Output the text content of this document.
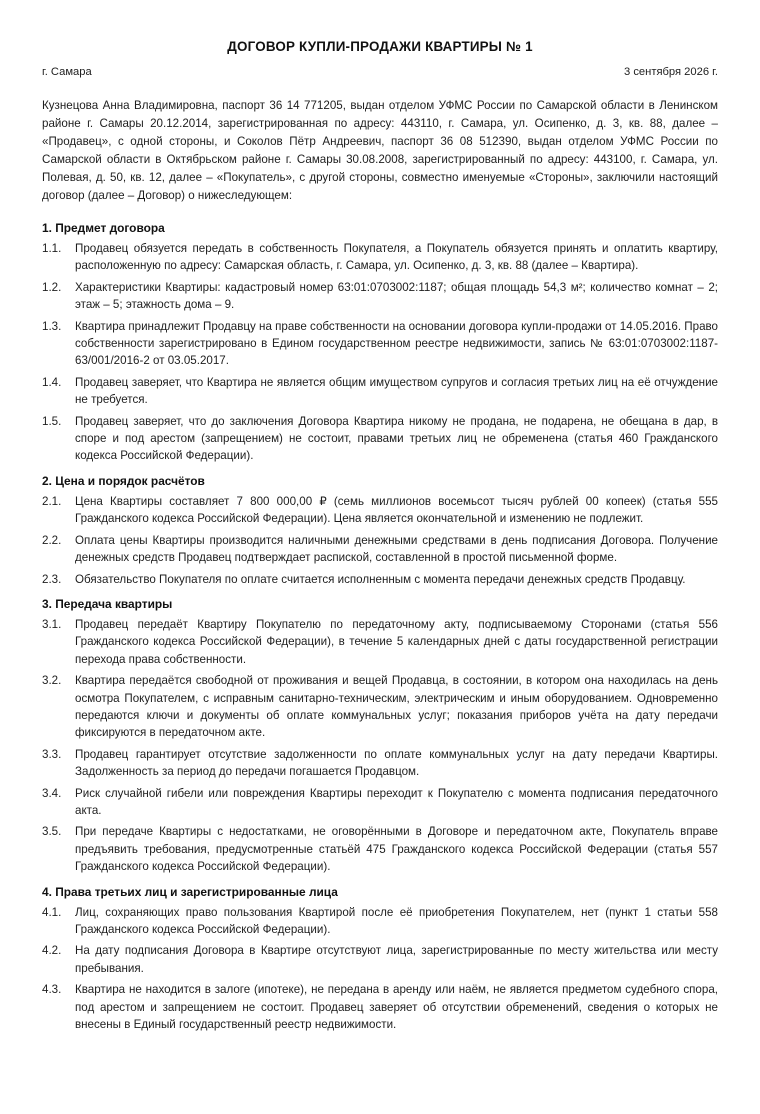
ДОГОВОР КУПЛИ-ПРОДАЖИ КВАРТИРЫ № 1
г. Самара	3 сентября 2026 г.
Кузнецова Анна Владимировна, паспорт 36 14 771205, выдан отделом УФМС России по Самарской области в Ленинском районе г. Самары 20.12.2014, зарегистрированная по адресу: 443110, г. Самара, ул. Осипенко, д. 3, кв. 88, далее – «Продавец», с одной стороны, и Соколов Пётр Андреевич, паспорт 36 08 512390, выдан отделом УФМС России по Самарской области в Октябрьском районе г. Самары 30.08.2008, зарегистрированный по адресу: 443100, г. Самара, ул. Полевая, д. 50, кв. 12, далее – «Покупатель», с другой стороны, совместно именуемые «Стороны», заключили настоящий договор (далее – Договор) о нижеследующем:
1. Предмет договора
1.1.	Продавец обязуется передать в собственность Покупателя, а Покупатель обязуется принять и оплатить квартиру, расположенную по адресу: Самарская область, г. Самара, ул. Осипенко, д. 3, кв. 88 (далее – Квартира).
1.2.	Характеристики Квартиры: кадастровый номер 63:01:0703002:1187; общая площадь 54,3 м²; количество комнат – 2; этаж – 5; этажность дома – 9.
1.3.	Квартира принадлежит Продавцу на праве собственности на основании договора купли-продажи от 14.05.2016. Право собственности зарегистрировано в Едином государственном реестре недвижимости, запись № 63:01:0703002:1187-63/001/2016-2 от 03.05.2017.
1.4.	Продавец заверяет, что Квартира не является общим имуществом супругов и согласия третьих лиц на её отчуждение не требуется.
1.5.	Продавец заверяет, что до заключения Договора Квартира никому не продана, не подарена, не обещана в дар, в споре и под арестом (запрещением) не состоит, правами третьих лиц не обременена (статья 460 Гражданского кодекса Российской Федерации).
2. Цена и порядок расчётов
2.1.	Цена Квартиры составляет 7 800 000,00 ₽ (семь миллионов восемьсот тысяч рублей 00 копеек) (статья 555 Гражданского кодекса Российской Федерации). Цена является окончательной и изменению не подлежит.
2.2.	Оплата цены Квартиры производится наличными денежными средствами в день подписания Договора. Получение денежных средств Продавец подтверждает распиской, составленной в простой письменной форме.
2.3.	Обязательство Покупателя по оплате считается исполненным с момента передачи денежных средств Продавцу.
3. Передача квартиры
3.1.	Продавец передаёт Квартиру Покупателю по передаточному акту, подписываемому Сторонами (статья 556 Гражданского кодекса Российской Федерации), в течение 5 календарных дней с даты государственной регистрации перехода права собственности.
3.2.	Квартира передаётся свободной от проживания и вещей Продавца, в состоянии, в котором она находилась на день осмотра Покупателем, с исправным санитарно-техническим, электрическим и иным оборудованием. Одновременно передаются ключи и документы об оплате коммунальных услуг; показания приборов учёта на дату передачи фиксируются в передаточном акте.
3.3.	Продавец гарантирует отсутствие задолженности по оплате коммунальных услуг на дату передачи Квартиры. Задолженность за период до передачи погашается Продавцом.
3.4.	Риск случайной гибели или повреждения Квартиры переходит к Покупателю с момента подписания передаточного акта.
3.5.	При передаче Квартиры с недостатками, не оговорёнными в Договоре и передаточном акте, Покупатель вправе предъявить требования, предусмотренные статьёй 475 Гражданского кодекса Российской Федерации (статья 557 Гражданского кодекса Российской Федерации).
4. Права третьих лиц и зарегистрированные лица
4.1.	Лиц, сохраняющих право пользования Квартирой после её приобретения Покупателем, нет (пункт 1 статьи 558 Гражданского кодекса Российской Федерации).
4.2.	На дату подписания Договора в Квартире отсутствуют лица, зарегистрированные по месту жительства или месту пребывания.
4.3.	Квартира не находится в залоге (ипотеке), не передана в аренду или наём, не является предметом судебного спора, под арестом и запрещением не состоит. Продавец заверяет об отсутствии обременений, сведения о которых не внесены в Единый государственный реестр недвижимости.
